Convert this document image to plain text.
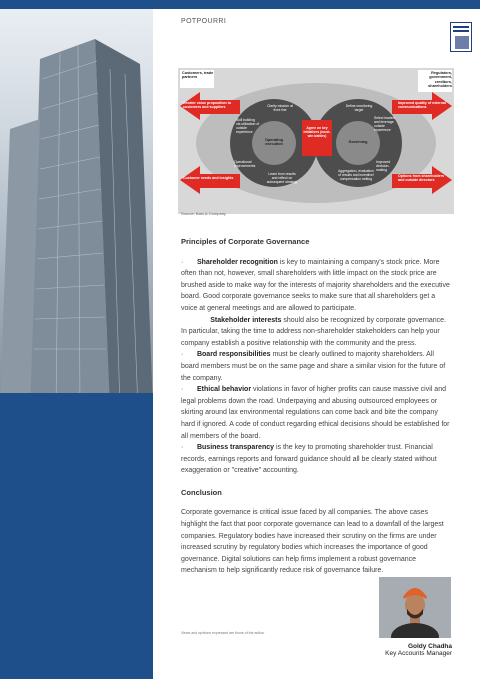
POTPOURRI
Customers, trade partners
Regulators, government, creditors, shareholders
Greater value proposition to customers and suppliers
Improved quality of external communications
Customer needs and insights	Options from shareholders and outside directors
Clarity mission at front line
Skill building via utilization of outside experience
Define monitoring target
Select leaders and leverage outside experience
Operational improvements
Learn from results and reflect on subsequent strategy
Aggregation, evaluation of results and incentive/ compensation setting
Improved decision-making
Operating execution
Governing
Agree on key initiatives (must-win battles)
Source: Bain & Company
Principles of Corporate Governance

· Shareholder recognition is key to maintaining a company's stock price. More often than not, however, small shareholders with little impact on the stock price are brushed aside to make way for the interests of majority shareholders and the executive board. Good corporate governance seeks to make sure that all shareholders get a voice at general meetings and are allowed to participate.

Stakeholder interests should also be recognized by corporate governance. In particular, taking the time to address non-shareholder stakeholders can help your company establish a positive relationship with the community and the press.

· Board responsibilities must be clearly outlined to majority shareholders. All board members must be on the same page and share a similar vision for the future of the company.

· Ethical behavior violations in favor of higher profits can cause massive civil and legal problems down the road. Underpaying and abusing outsourced employees or skirting around lax environmental regulations can come back and bite the company hard if ignored. A code of conduct regarding ethical decisions should be established for all members of the board.

· Business transparency is the key to promoting shareholder trust. Financial records, earnings reports and forward guidance should all be clearly stated without exaggeration or "creative" accounting.

Conclusion

Corporate governance is critical issue faced by all companies. The above cases highlight the fact that poor corporate governance can lead to a downfall of the largest companies. Regulatory bodies have increased their scrutiny on the firms are under increased scrutiny by regulatory bodies which increases the importance of good governance. Digital solutions can help firms implement a robust governance mechanism to help significantly reduce risk of governance failure.

Views and opinions expressed are those of the author
Goldy Chadha
Key Accounts Manager
